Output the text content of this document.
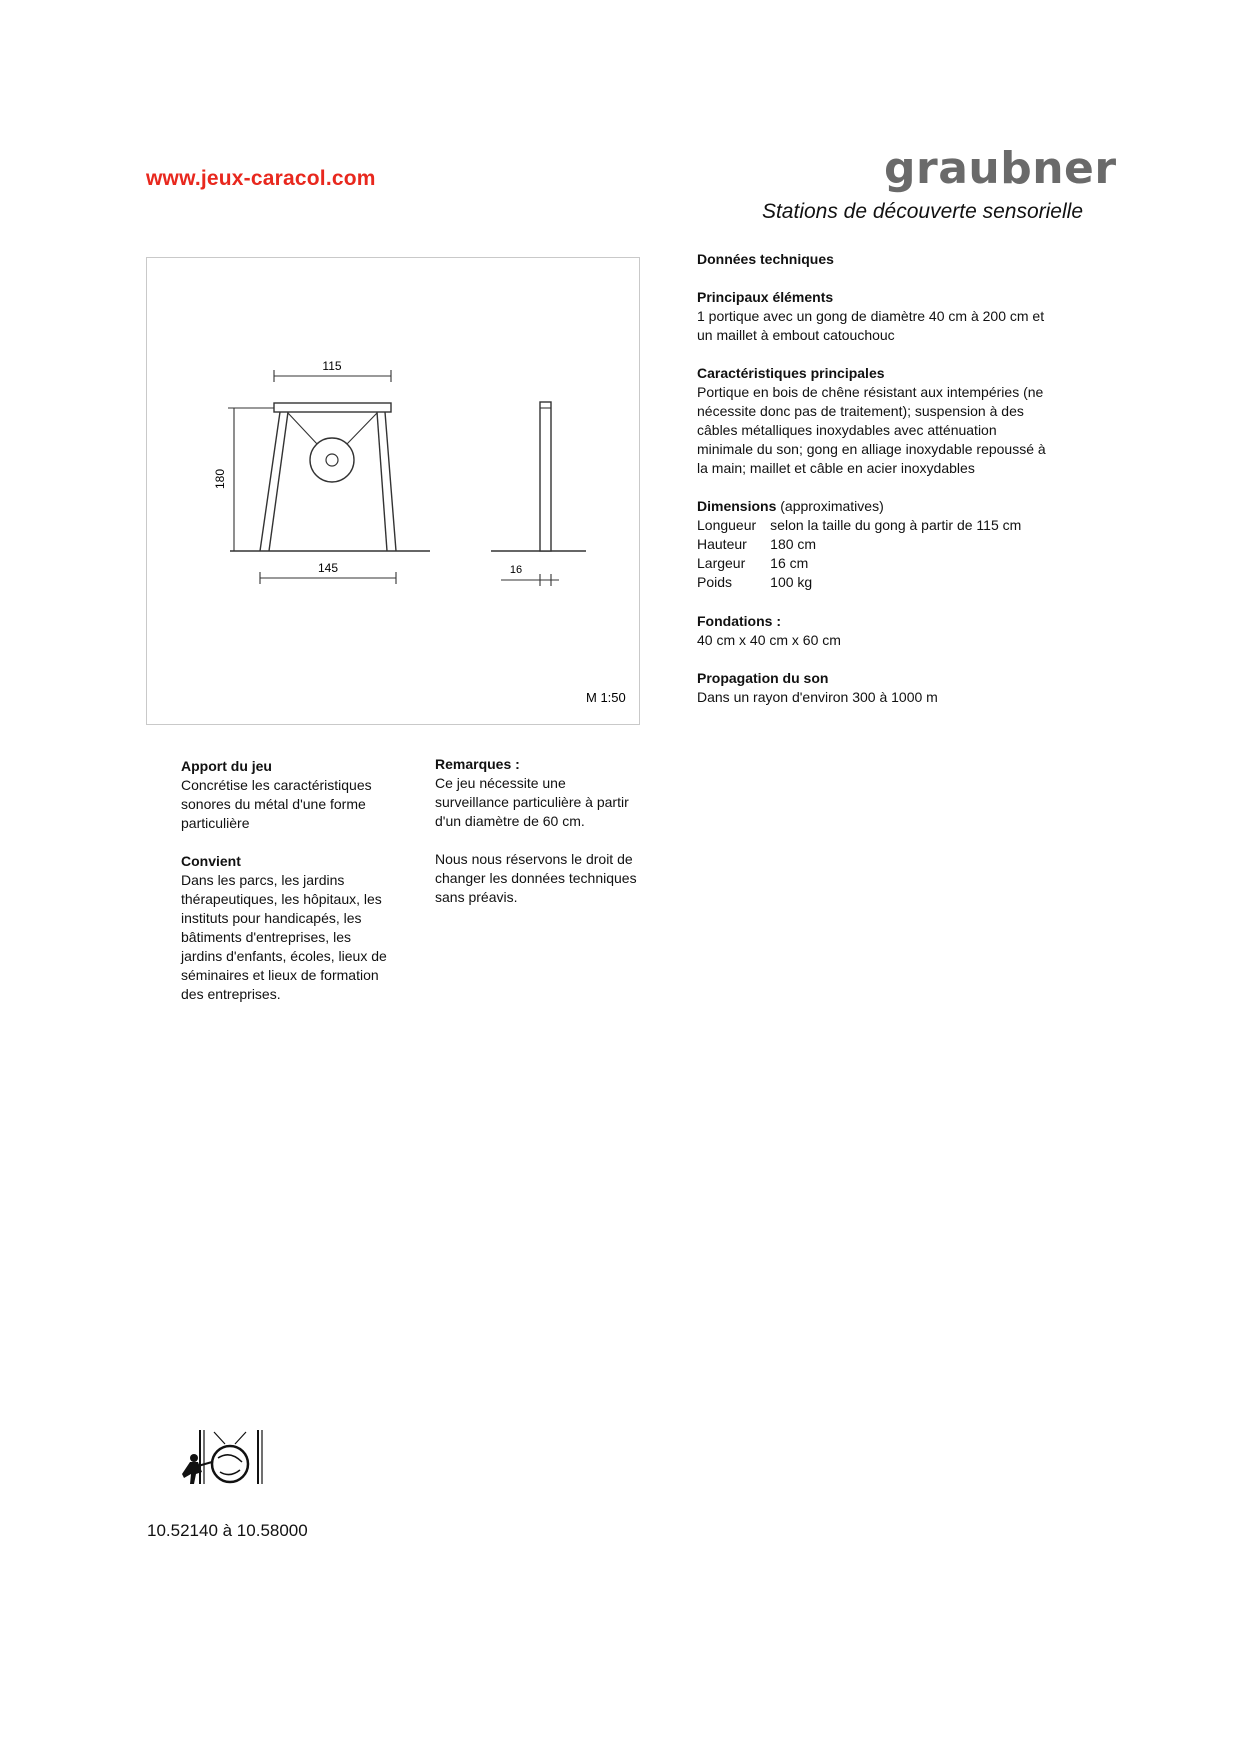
www.jeux-caracol.com	graubner
Stations de découverte sensorielle
115
180
145	16
M 1:50
Données techniques
Principaux éléments
1 portique avec un gong de diamètre 40 cm à 200 cm et
un maillet à embout catouchouc
Caractéristiques principales
Portique en bois de chêne résistant aux intempéries (ne
nécessite donc pas de traitement); suspension à des
câbles métalliques inoxydables avec atténuation
minimale du son; gong en alliage inoxydable repoussé à
la main; maillet et câble en acier inoxydables
Dimensions (approximatives)
Longueur	selon la taille du gong à partir de 115 cm
Hauteur	180 cm
Largeur	16 cm
Poids	100 kg
Fondations :
40 cm x 40 cm x 60 cm
Propagation du son
Dans un rayon d'environ 300 à 1000 m
Apport du jeu
Concrétise les caractéristiques
sonores du métal d'une forme
particulière
Convient
Dans les parcs, les jardins
thérapeutiques, les hôpitaux, les
instituts pour handicapés, les
bâtiments d'entreprises, les
jardins d'enfants, écoles, lieux de
séminaires et lieux de formation
des entreprises.
Remarques :
Ce jeu nécessite une
surveillance particulière à partir
d'un diamètre de 60 cm.
Nous nous réservons le droit de
changer les données techniques
sans préavis.
10.52140 à 10.58000
